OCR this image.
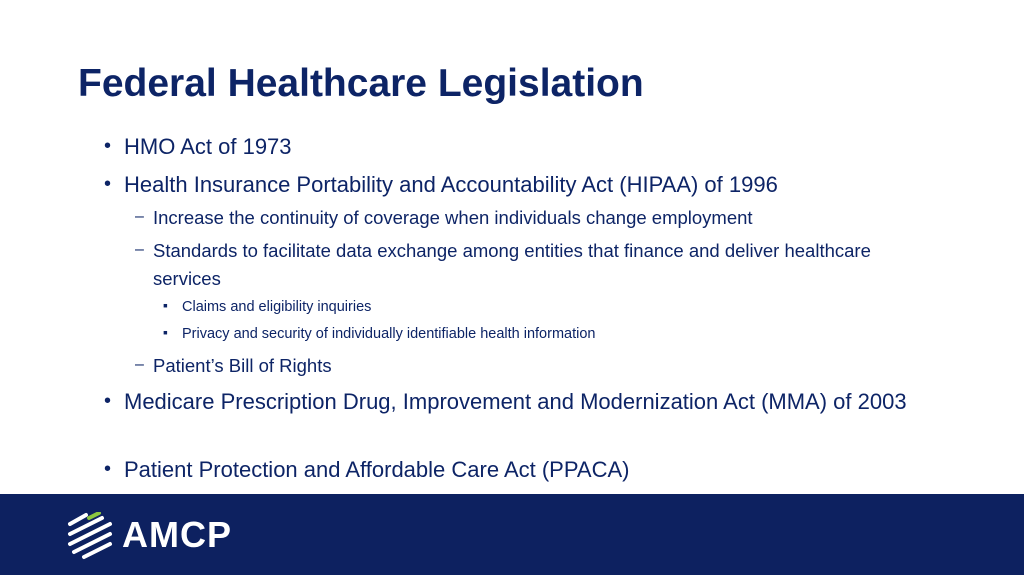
Federal Healthcare Legislation
• HMO Act of 1973
• Health Insurance Portability and Accountability Act (HIPAA) of 1996
– Increase the continuity of coverage when individuals change employment
– Standards to facilitate data exchange among entities that finance and deliver healthcare services
▪ Claims and eligibility inquiries
▪ Privacy and security of individually identifiable health information
– Patient’s Bill of Rights
• Medicare Prescription Drug, Improvement and Modernization Act (MMA) of 2003
• Patient Protection and Affordable Care Act (PPACA)
AMCP
